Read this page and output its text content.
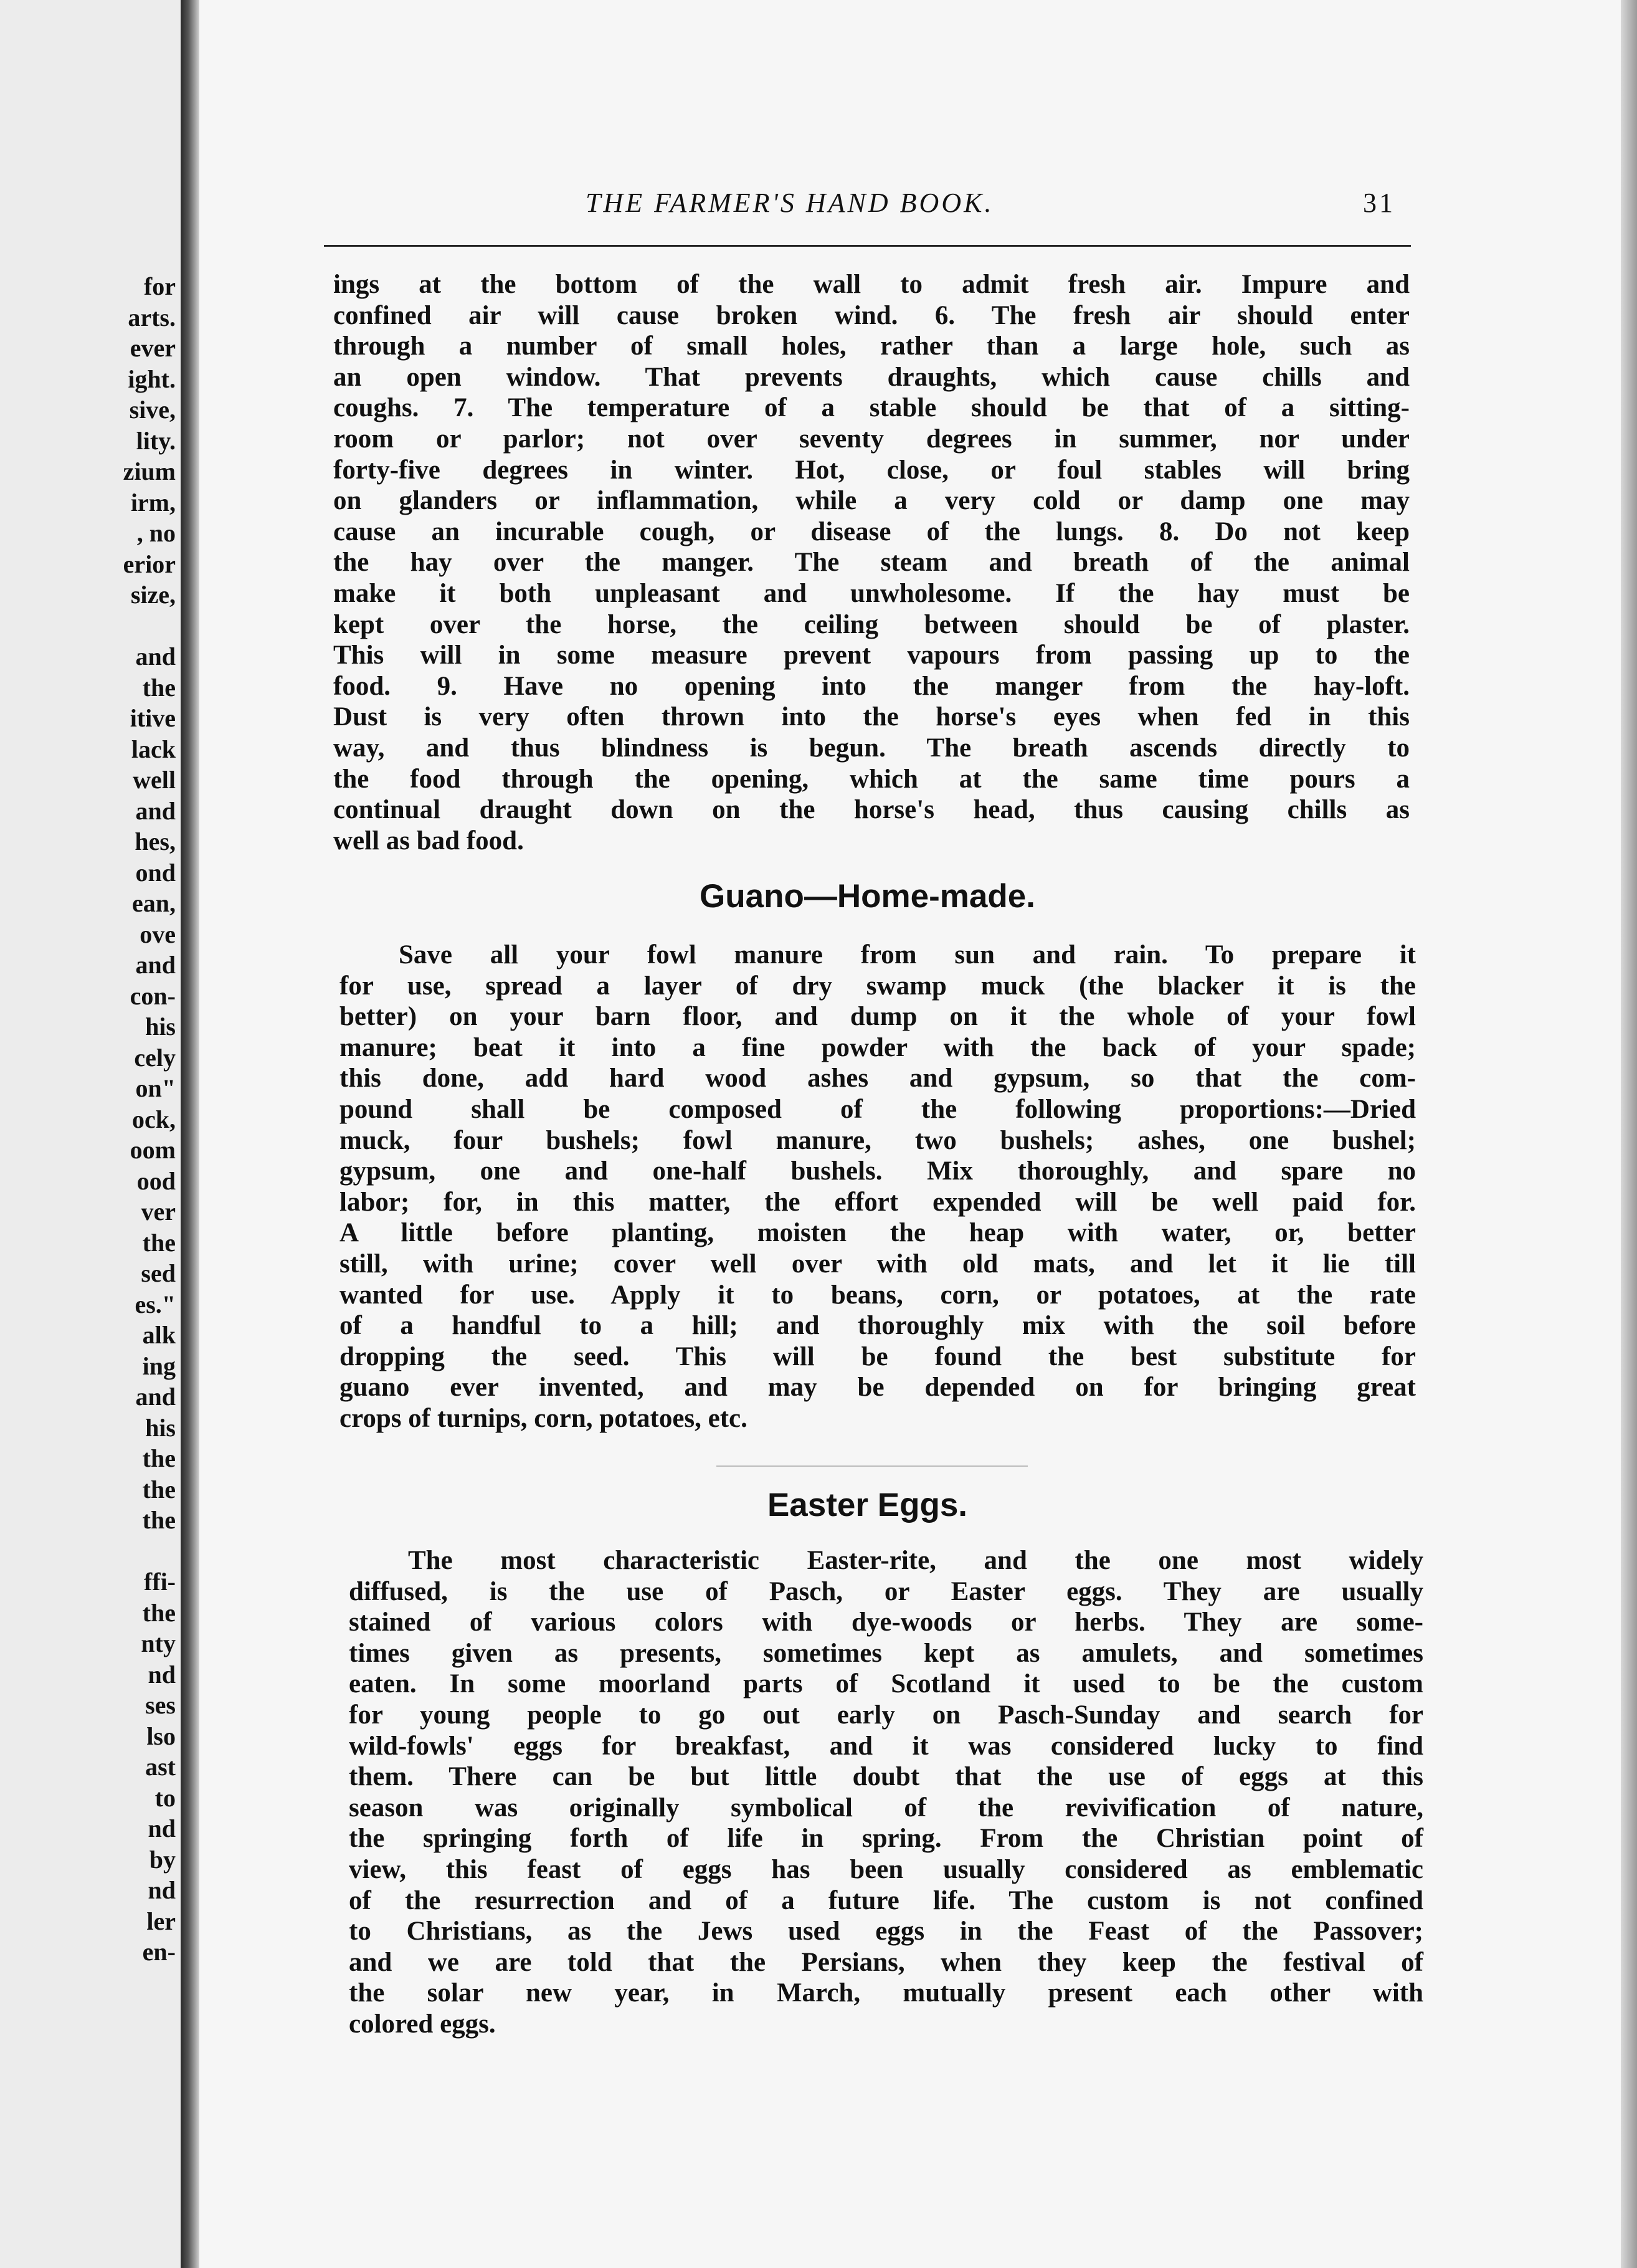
for
arts.
ever
ight.
sive,
lity.
zium
irm,
, no
erior
size,
and
the
itive
lack
well
and
hes,
ond
ean,
ove
and
con-
his
cely
on"
ock,
oom
ood
ver
the
sed
es."
alk
ing
and
his
the
the
the
ffi-
the
nty
nd
ses
lso
ast
to
nd
by
nd
ler
en-
THE FARMER'S HAND BOOK.	31
ings at the bottom of the wall to admit fresh air. Impure and
confined air will cause broken wind. 6. The fresh air should enter
through a number of small holes, rather than a large hole, such as
an open window. That prevents draughts, which cause chills and
coughs. 7. The temperature of a stable should be that of a sitting-
room or parlor; not over seventy degrees in summer, nor under
forty-five degrees in winter. Hot, close, or foul stables will bring
on glanders or inflammation, while a very cold or damp one may
cause an incurable cough, or disease of the lungs. 8. Do not keep
the hay over the manger. The steam and breath of the animal
make it both unpleasant and unwholesome. If the hay must be
kept over the horse, the ceiling between should be of plaster.
This will in some measure prevent vapours from passing up to the
food. 9. Have no opening into the manger from the hay-loft.
Dust is very often thrown into the horse's eyes when fed in this
way, and thus blindness is begun. The breath ascends directly to
the food through the opening, which at the same time pours a
continual draught down on the horse's head, thus causing chills as
well as bad food.
Guano—Home-made.
Save all your fowl manure from sun and rain. To prepare it
for use, spread a layer of dry swamp muck (the blacker it is the
better) on your barn floor, and dump on it the whole of your fowl
manure; beat it into a fine powder with the back of your spade;
this done, add hard wood ashes and gypsum, so that the com-
pound shall be composed of the following proportions:—Dried
muck, four bushels; fowl manure, two bushels; ashes, one bushel;
gypsum, one and one-half bushels. Mix thoroughly, and spare no
labor; for, in this matter, the effort expended will be well paid for.
A little before planting, moisten the heap with water, or, better
still, with urine; cover well over with old mats, and let it lie till
wanted for use. Apply it to beans, corn, or potatoes, at the rate
of a handful to a hill; and thoroughly mix with the soil before
dropping the seed. This will be found the best substitute for
guano ever invented, and may be depended on for bringing great
crops of turnips, corn, potatoes, etc.
Easter Eggs.
The most characteristic Easter-rite, and the one most widely
diffused, is the use of Pasch, or Easter eggs. They are usually
stained of various colors with dye-woods or herbs. They are some-
times given as presents, sometimes kept as amulets, and sometimes
eaten. In some moorland parts of Scotland it used to be the custom
for young people to go out early on Pasch-Sunday and search for
wild-fowls' eggs for breakfast, and it was considered lucky to find
them. There can be but little doubt that the use of eggs at this
season was originally symbolical of the revivification of nature,
the springing forth of life in spring. From the Christian point of
view, this feast of eggs has been usually considered as emblematic
of the resurrection and of a future life. The custom is not confined
to Christians, as the Jews used eggs in the Feast of the Passover;
and we are told that the Persians, when they keep the festival of
the solar new year, in March, mutually present each other with
colored eggs.
